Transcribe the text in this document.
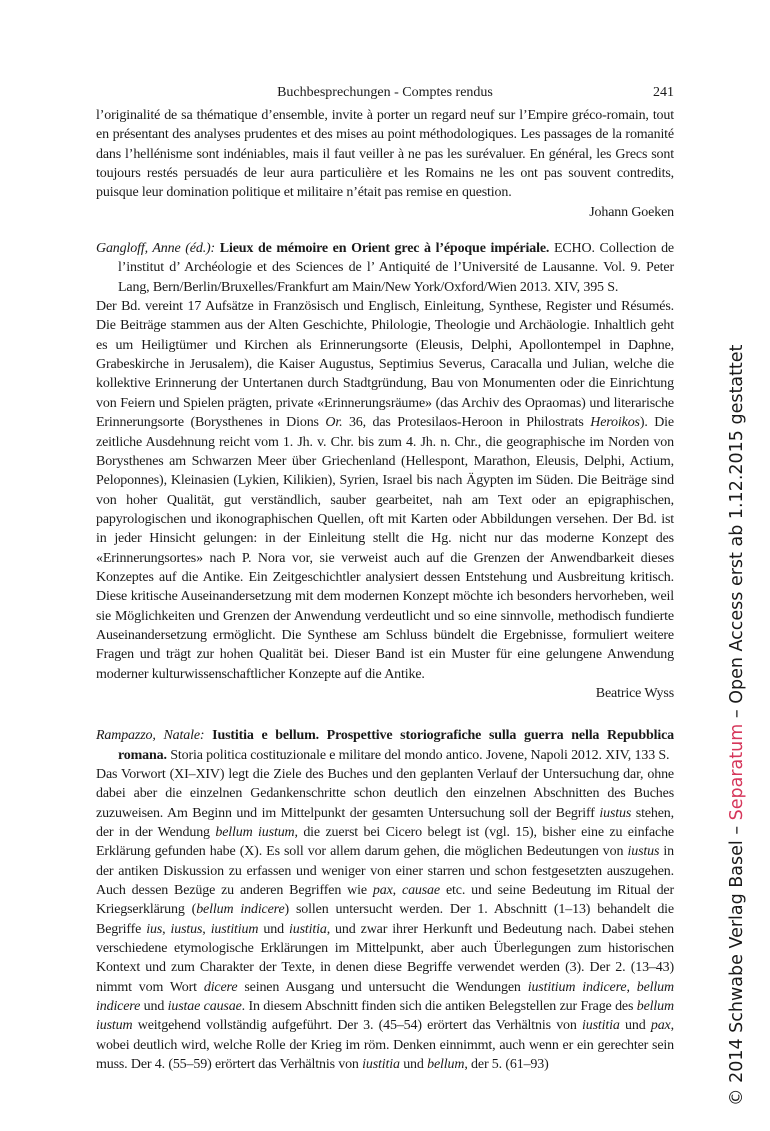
Buchbesprechungen - Comptes rendus	241

l’originalité de sa thématique d’ensemble, invite à porter un regard neuf sur l’Empire gréco-romain, tout en présentant des analyses prudentes et des mises au point méthodologiques. Les passages de la romanité dans l’hellénisme sont indéniables, mais il faut veiller à ne pas les surévaluer. En général, les Grecs sont toujours restés persuadés de leur aura particulière et les Romains ne les ont pas souvent contredits, puisque leur domination politique et militaire n’était pas remise en question.

Johann Goeken

Gangloff, Anne (éd.): Lieux de mémoire en Orient grec à l’époque impériale. ECHO. Collection de l’institut d’ Archéologie et des Sciences de l’ Antiquité de l’Université de Lausanne. Vol. 9. Peter Lang, Bern/Berlin/Bruxelles/Frankfurt am Main/New York/Oxford/Wien 2013. XIV, 395 S.

Der Bd. vereint 17 Aufsätze in Französisch und Englisch, Einleitung, Synthese, Register und Résumés. Die Beiträge stammen aus der Alten Geschichte, Philologie, Theologie und Archäologie. Inhaltlich geht es um Heiligtümer und Kirchen als Erinnerungsorte (Eleusis, Delphi, Apollontempel in Daphne, Grabeskirche in Jerusalem), die Kaiser Augustus, Septimius Severus, Caracalla und Julian, welche die kollektive Erinnerung der Untertanen durch Stadtgründung, Bau von Monumenten oder die Einrichtung von Feiern und Spielen prägten, private «Erinnerungsräume» (das Archiv des Opraomas) und literarische Erinnerungsorte (Borysthenes in Dions Or. 36, das Protesilaos-Heroon in Philostrats Heroikos). Die zeitliche Ausdehnung reicht vom 1. Jh. v. Chr. bis zum 4. Jh. n. Chr., die geographische im Norden von Borysthenes am Schwarzen Meer über Griechenland (Hellespont, Marathon, Eleusis, Delphi, Actium, Peloponnes), Kleinasien (Lykien, Kilikien), Syrien, Israel bis nach Ägypten im Süden. Die Beiträge sind von hoher Qualität, gut verständlich, sauber gearbeitet, nah am Text oder an epigraphischen, papyrologischen und ikonographischen Quellen, oft mit Karten oder Abbildungen versehen. Der Bd. ist in jeder Hinsicht gelungen: in der Einleitung stellt die Hg. nicht nur das moderne Konzept des «Erinnerungsortes» nach P. Nora vor, sie verweist auch auf die Grenzen der Anwendbarkeit dieses Konzeptes auf die Antike. Ein Zeitgeschichtler analysiert dessen Entstehung und Ausbreitung kritisch. Diese kritische Auseinandersetzung mit dem modernen Konzept möchte ich besonders hervorheben, weil sie Möglichkeiten und Grenzen der Anwendung verdeutlicht und so eine sinnvolle, methodisch fundierte Auseinandersetzung ermöglicht. Die Synthese am Schluss bündelt die Ergebnisse, formuliert weitere Fragen und trägt zur hohen Qualität bei. Dieser Band ist ein Muster für eine gelungene Anwendung moderner kulturwissenschaftlicher Konzepte auf die Antike.

Beatrice Wyss

Rampazzo, Natale: Iustitia e bellum. Prospettive storiografiche sulla guerra nella Repubblica romana. Storia politica costituzionale e militare del mondo antico. Jovene, Napoli 2012. XIV, 133 S.

Das Vorwort (XI–XIV) legt die Ziele des Buches und den geplanten Verlauf der Untersuchung dar, ohne dabei aber die einzelnen Gedankenschritte schon deutlich den einzelnen Abschnitten des Buches zuzuweisen. Am Beginn und im Mittelpunkt der gesamten Untersuchung soll der Begriff iustus stehen, der in der Wendung bellum iustum, die zuerst bei Cicero belegt ist (vgl. 15), bisher eine zu einfache Erklärung gefunden habe (X). Es soll vor allem darum gehen, die möglichen Bedeutungen von iustus in der antiken Diskussion zu erfassen und weniger von einer starren und schon festgesetzten auszugehen. Auch dessen Bezüge zu anderen Begriffen wie pax, causae etc. und seine Bedeutung im Ritual der Kriegserklärung (bellum indicere) sollen untersucht werden. Der 1. Abschnitt (1–13) behandelt die Begriffe ius, iustus, iustitium und iustitia, und zwar ihrer Herkunft und Bedeutung nach. Dabei stehen verschiedene etymologische Erklärungen im Mittelpunkt, aber auch Überlegungen zum historischen Kontext und zum Charakter der Texte, in denen diese Begriffe verwendet werden (3). Der 2. (13–43) nimmt vom Wort dicere seinen Ausgang und untersucht die Wendungen iustitium indicere, bellum indicere und iustae causae. In diesem Abschnitt finden sich die antiken Belegstellen zur Frage des bellum iustum weitgehend vollständig aufgeführt. Der 3. (45–54) erörtert das Verhältnis von iustitia und pax, wobei deutlich wird, welche Rolle der Krieg im röm. Denken einnimmt, auch wenn er ein gerechter sein muss. Der 4. (55–59) erörtert das Verhältnis von iustitia und bellum, der 5. (61–93)	© 2014 Schwabe Verlag Basel – Separatum – Open Access erst ab 1.12.2015 gestattet
